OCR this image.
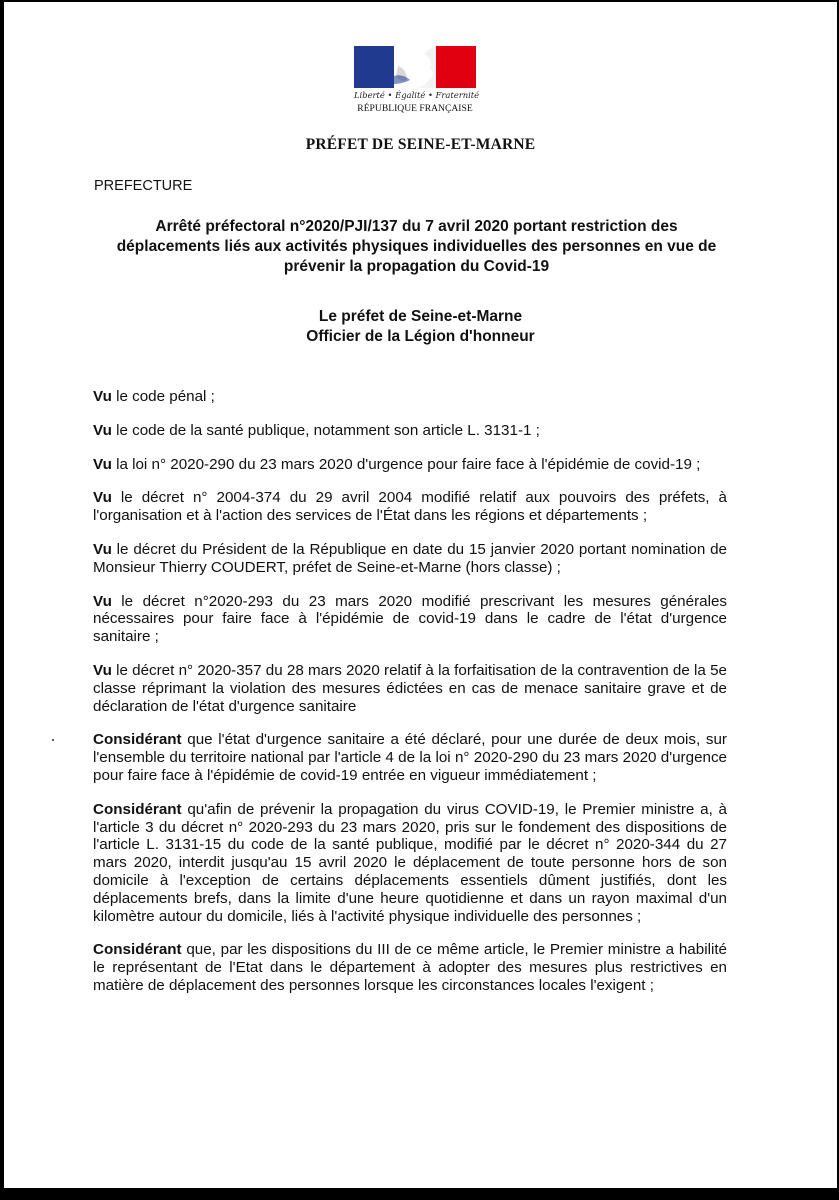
Liberté • Égalité • Fraternité
RÉPUBLIQUE FRANÇAISE
PRÉFET DE SEINE-ET-MARNE
PREFECTURE
Arrêté préfectoral n°2020/PJI/137 du 7 avril 2020 portant restriction des déplacements liés aux activités physiques individuelles des personnes en vue de prévenir la propagation du Covid-19
Le préfet de Seine-et-Marne
Officier de la Légion d'honneur

Vu le code pénal ;

Vu le code de la santé publique, notamment son article L. 3131-1 ;

Vu la loi n° 2020-290 du 23 mars 2020 d'urgence pour faire face à l'épidémie de covid-19 ;

Vu le décret n° 2004-374 du 29 avril 2004 modifié relatif aux pouvoirs des préfets, à l'organisation et à l'action des services de l'État dans les régions et départements ;

Vu le décret du Président de la République en date du 15 janvier 2020 portant nomination de Monsieur Thierry COUDERT, préfet de Seine-et-Marne (hors classe) ;

Vu le décret n°2020-293 du 23 mars 2020 modifié prescrivant les mesures générales nécessaires pour faire face à l'épidémie de covid-19 dans le cadre de l'état d'urgence sanitaire ;

Vu le décret n° 2020-357 du 28 mars 2020 relatif à la forfaitisation de la contravention de la 5e classe réprimant la violation des mesures édictées en cas de menace sanitaire grave et de déclaration de l'état d'urgence sanitaire

Considérant que l'état d'urgence sanitaire a été déclaré, pour une durée de deux mois, sur l'ensemble du territoire national par l'article 4 de la loi n° 2020-290 du 23 mars 2020 d'urgence pour faire face à l'épidémie de covid-19 entrée en vigueur immédiatement ;

Considérant qu'afin de prévenir la propagation du virus COVID-19, le Premier ministre a, à l'article 3 du décret n° 2020-293 du 23 mars 2020, pris sur le fondement des dispositions de l'article L. 3131-15 du code de la santé publique, modifié par le décret n° 2020-344 du 27 mars 2020, interdit jusqu'au 15 avril 2020 le déplacement de toute personne hors de son domicile à l'exception de certains déplacements essentiels dûment justifiés, dont les déplacements brefs, dans la limite d'une heure quotidienne et dans un rayon maximal d'un kilomètre autour du domicile, liés à l'activité physique individuelle des personnes ;

Considérant que, par les dispositions du III de ce même article, le Premier ministre a habilité le représentant de l'Etat dans le département à adopter des mesures plus restrictives en matière de déplacement des personnes lorsque les circonstances locales l'exigent ;
